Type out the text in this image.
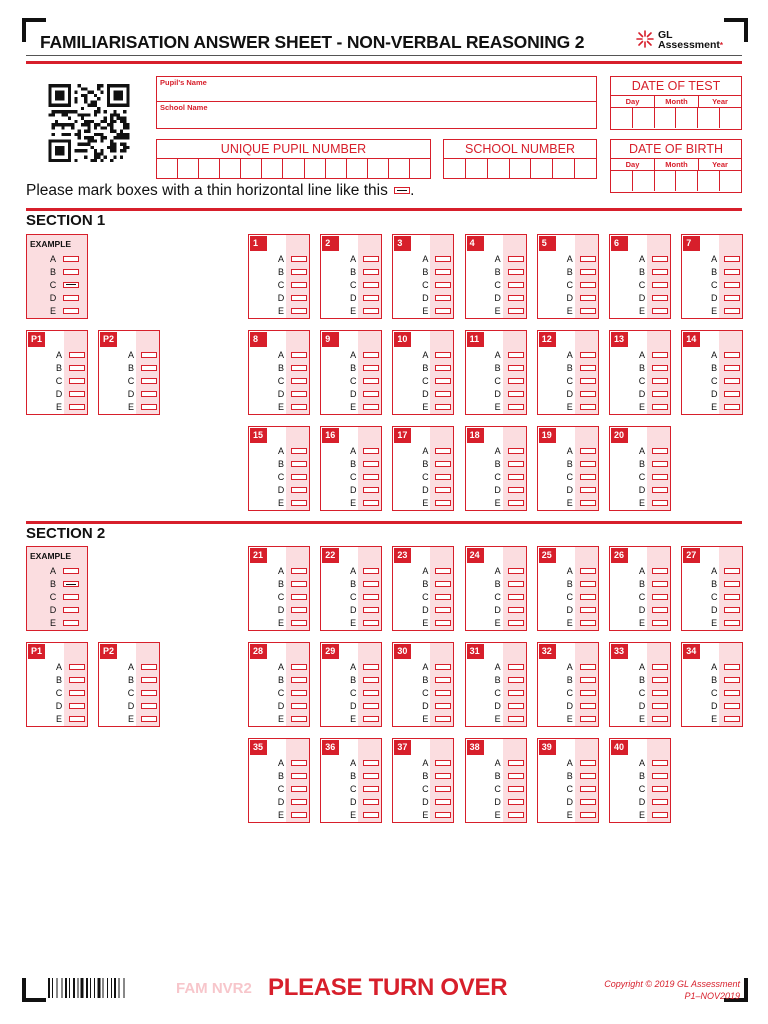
FAMILIARISATION ANSWER SHEET - NON-VERBAL REASONING 2	GL
Assessment*
Pupil's Name
School Name
DATE OF TEST
Day	Month	Year
UNIQUE PUPIL NUMBER	SCHOOL NUMBER	DATE OF BIRTH
Day	Month	Year
Please mark boxes with a thin horizontal line like this .
SECTION 1
SECTION 2
EXAMPLE
A
B
C
D
E
P1
A
B
C
D
E
P2
A
B
C
D
E
1
A
B
C
D
E
2
A
B
C
D
E
3
A
B
C
D
E
4
A
B
C
D
E
5
A
B
C
D
E
6
A
B
C
D
E
7
A
B
C
D
E
8
A
B
C
D
E
9
A
B
C
D
E
10
A
B
C
D
E
11
A
B
C
D
E
12
A
B
C
D
E
13
A
B
C
D
E
14
A
B
C
D
E
15
A
B
C
D
E
16
A
B
C
D
E
17
A
B
C
D
E
18
A
B
C
D
E
19
A
B
C
D
E
20
A
B
C
D
E
EXAMPLE
A
B
C
D
E
P1
A
B
C
D
E
P2
A
B
C
D
E
21
A
B
C
D
E
22
A
B
C
D
E
23
A
B
C
D
E
24
A
B
C
D
E
25
A
B
C
D
E
26
A
B
C
D
E
27
A
B
C
D
E
28
A
B
C
D
E
29
A
B
C
D
E
30
A
B
C
D
E
31
A
B
C
D
E
32
A
B
C
D
E
33
A
B
C
D
E
34
A
B
C
D
E
35
A
B
C
D
E
36
A
B
C
D
E
37
A
B
C
D
E
38
A
B
C
D
E
39
A
B
C
D
E
40
A
B
C
D
E
FAM NVR2 PLEASE TURN OVER	Copyright © 2019 GL Assessment
P1–NOV2019
